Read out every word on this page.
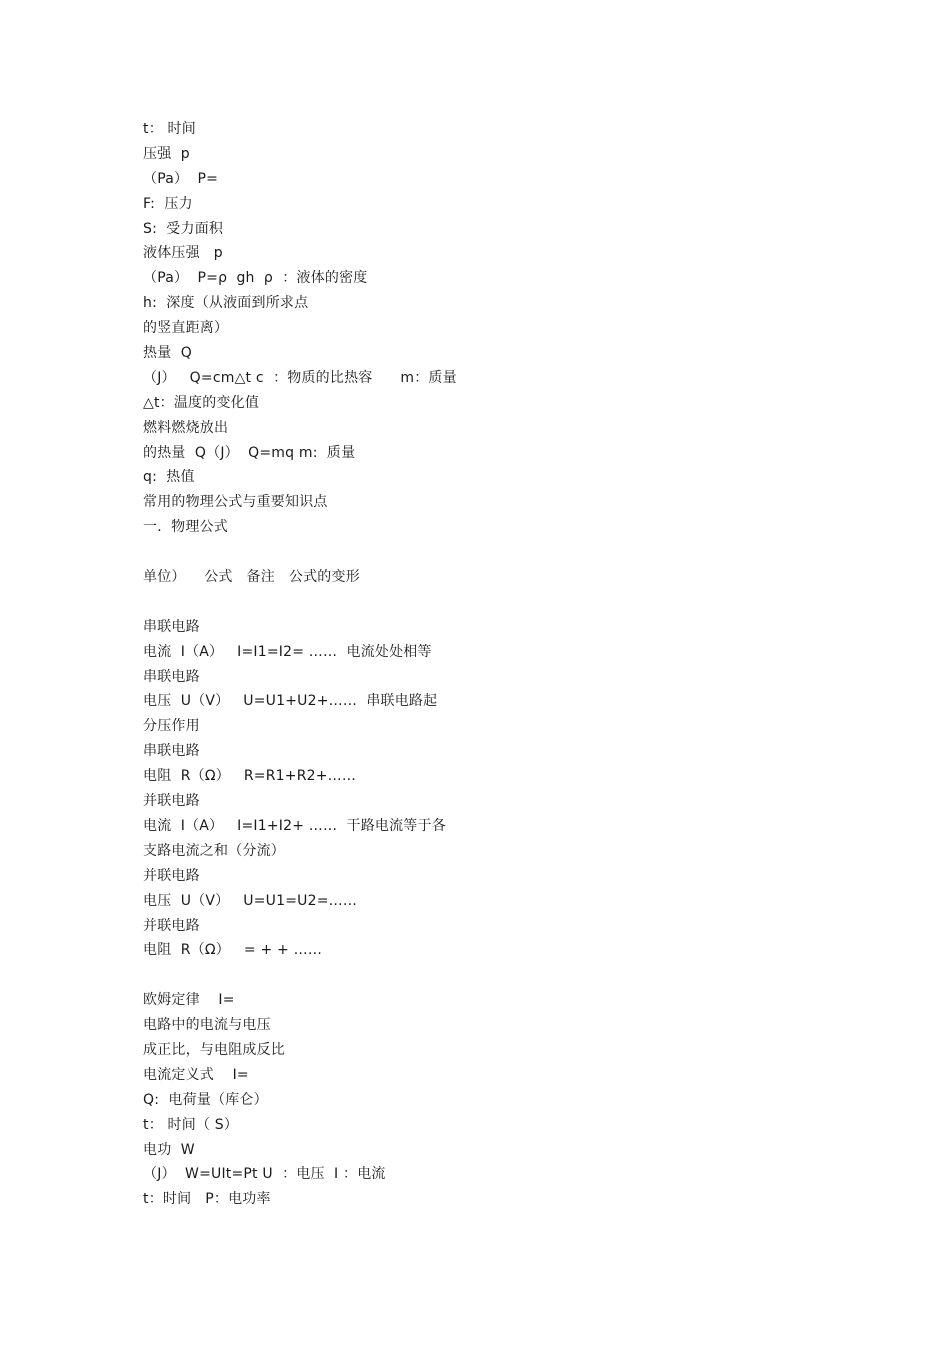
t： 时间
压强  p
（Pa）  P=
F:  压力
S:  受力面积
液体压强   p
（Pa）  P=ρ  gh  ρ  ：液体的密度
h:  深度（从液面到所求点
的竖直距离）
热量  Q
（J）   Q=cm△t c  ：物质的比热容      m：质量
△t：温度的变化值
燃料燃烧放出
的热量  Q（J）  Q=mq m:  质量
q:  热值
常用的物理公式与重要知识点
一.  物理公式
单位）    公式   备注   公式的变形
串联电路
电流  I（A）   I=I1=I2= ……  电流处处相等
串联电路
电压  U（V）   U=U1+U2+……  串联电路起
分压作用
串联电路
电阻  R（Ω）   R=R1+R2+……
并联电路
电流  I（A）   I=I1+I2+ ……  干路电流等于各
支路电流之和（分流）
并联电路
电压  U（V）   U=U1=U2=……
并联电路
电阻  R（Ω）   = + + ……
欧姆定律    I=
电路中的电流与电压
成正比，与电阻成反比
电流定义式    I=
Q:  电荷量（库仑）
t： 时间（ S）
电功  W
（J）  W=UIt=Pt U  ：电压  I ：电流
t：时间   P：电功率
